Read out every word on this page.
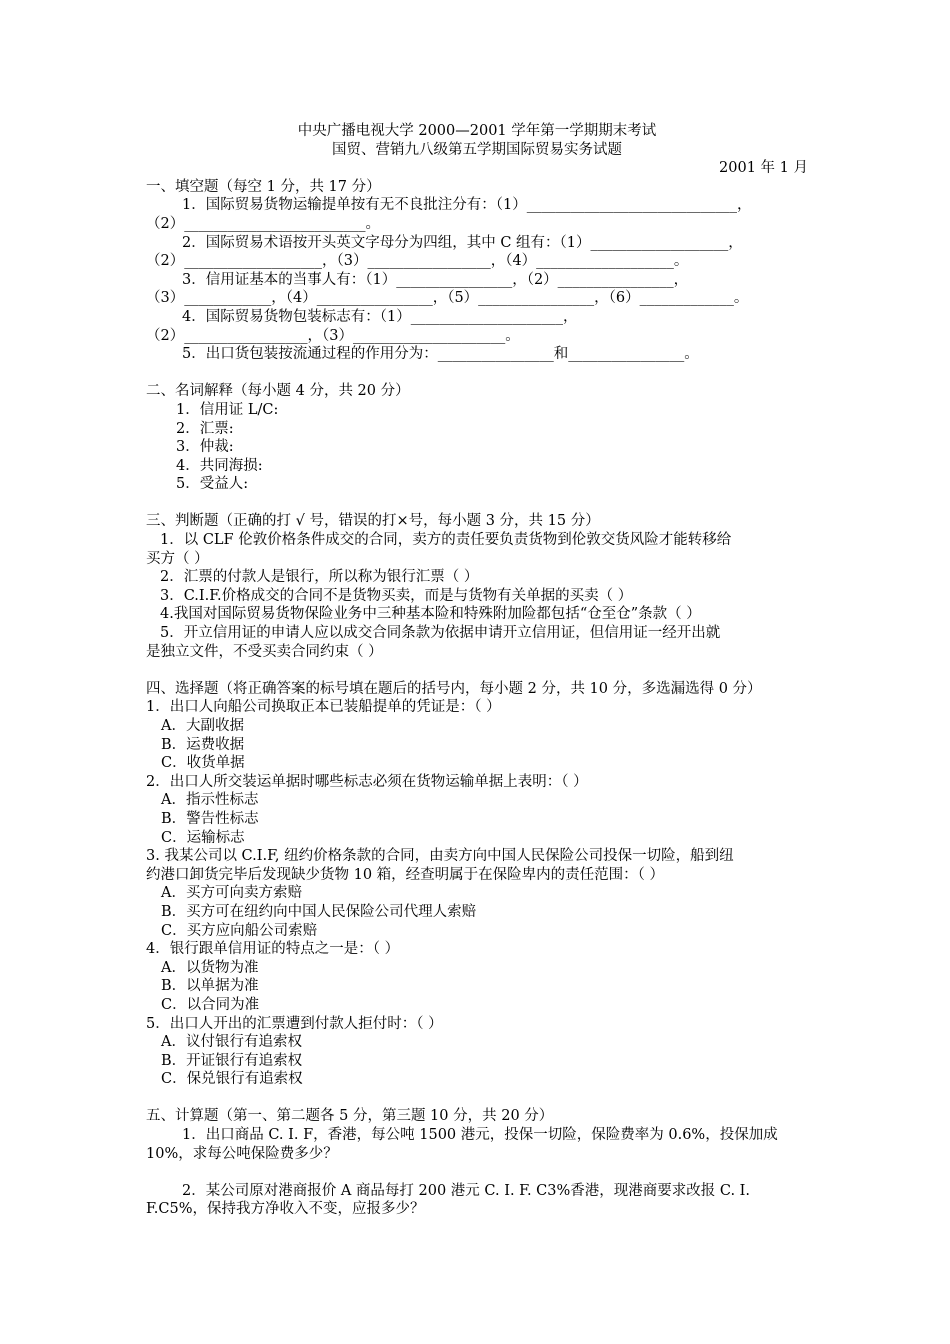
中央广播电视大学 2000—2001 学年第一学期期末考试
国贸、营销九八级第五学期国际贸易实务试题
2001 年 1 月
一、填空题（每空 1 分，共 17 分）
1．国际贸易货物运输提单按有无不良批注分有：（1）_____________________________，
（2）_________________________。
2．国际贸易术语按开头英文字母分为四组，其中 C 组有：（1）___________________，
（2）___________________，（3）_________________，（4）___________________。
3．信用证基本的当事人有：（1）________________，（2）________________，
（3）____________，（4）________________，（5）________________，（6）_____________。
4．国际贸易货物包装标志有：（1）_____________________，
（2）_________________，（3）_____________________。
5．出口货包装按流通过程的作用分为：________________和________________。
二、名词解释（每小题 4 分，共 20 分）
1．信用证 L/C:
2．汇票:
3．仲裁:
4．共同海损:
5．受益人:
三、判断题（正确的打 √ 号，错误的打×号，每小题 3 分，共 15 分）
1．以 CLF 伦敦价格条件成交的合同，卖方的责任要负责货物到伦敦交货风险才能转移给
买方（ ）
2．汇票的付款人是银行，所以称为银行汇票（ ）
3．C.I.F.价格成交的合同不是货物买卖，而是与货物有关单据的买卖（ ）
4.我国对国际贸易货物保险业务中三种基本险和特殊附加险都包括“仓至仓”条款（ ）
5．开立信用证的申请人应以成交合同条款为依据申请开立信用证，但信用证一经开出就
是独立文件，不受买卖合同约束（ ）
四、选择题（将正确答案的标号填在题后的括号内，每小题 2 分，共 10 分，多选漏选得 0 分）
1．出口人向船公司换取正本已装船提单的凭证是：（ ）
A．大副收据
B．运费收据
C．收货单据
2．出口人所交装运单据时哪些标志必须在货物运输单据上表明：（ ）
A．指示性标志
B．警告性标志
C．运输标志
3. 我某公司以 C.I.F, 纽约价格条款的合同，由卖方向中国人民保险公司投保一切险，船到纽
约港口卸货完毕后发现缺少货物 10 箱，经查明属于在保险卑内的责任范围：（ ）
A．买方可向卖方索赔
B．买方可在纽约向中国人民保险公司代理人索赔
C．买方应向船公司索赔
4．银行跟单信用证的特点之一是：（ ）
A．以货物为准
B．以单据为准
C．以合同为准
5．出口人开出的汇票遭到付款人拒付时：（ ）
A．议付银行有追索权
B．开证银行有追索权
C．保兑银行有追索权
五、计算题（第一、第二题各 5 分，第三题 10 分，共 20 分）
1．出口商品 C. I. F，香港，每公吨 1500 港元，投保一切险，保险费率为 0.6%，投保加成
10%，求每公吨保险费多少？
2．某公司原对港商报价 A 商品每打 200 港元 C. I. F. C3%香港，现港商要求改报 C. I.
F.C5%，保持我方净收入不变，应报多少？
